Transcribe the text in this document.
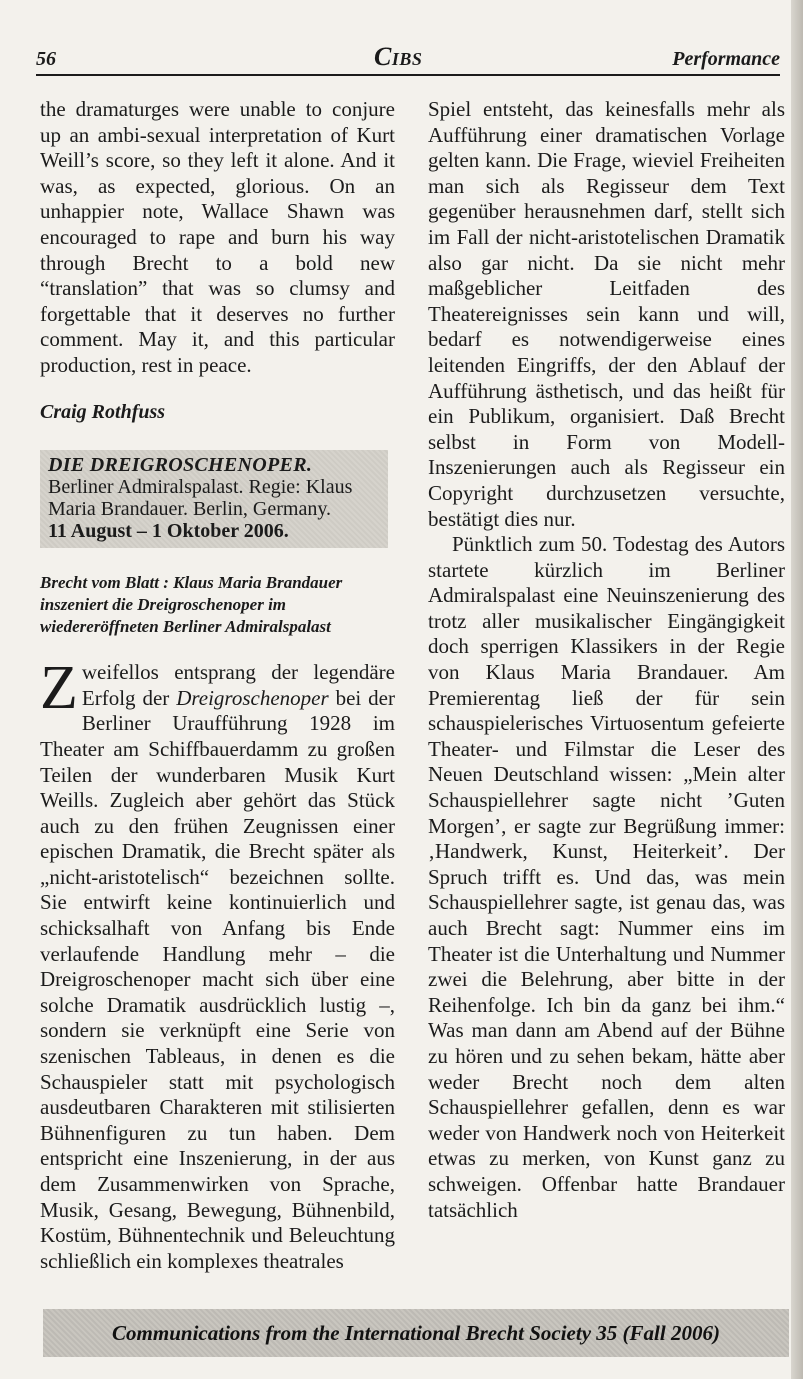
56	Cibs	Performance

the dramaturges were unable to conjure up an ambi-sexual interpretation of Kurt Weill’s score, so they left it alone. And it was, as expected, glorious. On an unhappier note, Wallace Shawn was encouraged to rape and burn his way through Brecht to a bold new “translation” that was so clumsy and forgettable that it deserves no further comment. May it, and this particular production, rest in peace.

Craig Rothfuss

DIE DREIGROSCHENOPER.
Berliner Admiralspalast. Regie: Klaus Maria Brandauer. Berlin, Germany.
11 August – 1 Oktober 2006.

Brecht vom Blatt : Klaus Maria Brandauer inszeniert die Dreigroschenoper im wiedereröffneten Berliner Admiralspalast

Zweifellos entsprang der legendäre Erfolg der Dreigroschenoper bei der Berliner Uraufführung 1928 im Theater am Schiffbauerdamm zu großen Teilen der wunderbaren Musik Kurt Weills. Zugleich aber gehört das Stück auch zu den frühen Zeugnissen einer epischen Dramatik, die Brecht später als „nicht-aristotelisch“ bezeichnen sollte. Sie entwirft keine kontinuierlich und schicksalhaft von Anfang bis Ende verlaufende Handlung mehr – die Dreigroschenoper macht sich über eine solche Dramatik ausdrücklich lustig –, sondern sie verknüpft eine Serie von szenischen Tableaus, in denen es die Schauspieler statt mit psychologisch ausdeutbaren Charakteren mit stilisierten Bühnenfiguren zu tun haben. Dem entspricht eine Inszenierung, in der aus dem Zusammenwirken von Sprache, Musik, Gesang, Bewegung, Bühnenbild, Kostüm, Bühnentechnik und Beleuchtung schließlich ein komplexes theatrales

Spiel entsteht, das keinesfalls mehr als Aufführung einer dramatischen Vorlage gelten kann. Die Frage, wieviel Freiheiten man sich als Regisseur dem Text gegenüber herausnehmen darf, stellt sich im Fall der nicht-aristotelischen Dramatik also gar nicht. Da sie nicht mehr maßgeblicher Leitfaden des Theatereignisses sein kann und will, bedarf es notwendigerweise eines leitenden Eingriffs, der den Ablauf der Aufführung ästhetisch, und das heißt für ein Publikum, organisiert. Daß Brecht selbst in Form von Modell-Inszenierungen auch als Regisseur ein Copyright durchzusetzen versuchte, bestätigt dies nur.

Pünktlich zum 50. Todestag des Autors startete kürzlich im Berliner Admiralspalast eine Neuinszenierung des trotz aller musikalischer Eingängigkeit doch sperrigen Klassikers in der Regie von Klaus Maria Brandauer. Am Premierentag ließ der für sein schauspielerisches Virtuosentum gefeierte Theater- und Filmstar die Leser des Neuen Deutschland wissen: „Mein alter Schauspiellehrer sagte nicht ’Guten Morgen’, er sagte zur Begrüßung immer: ‚Handwerk, Kunst, Heiterkeit’. Der Spruch trifft es. Und das, was mein Schauspiellehrer sagte, ist genau das, was auch Brecht sagt: Nummer eins im Theater ist die Unterhaltung und Nummer zwei die Belehrung, aber bitte in der Reihenfolge. Ich bin da ganz bei ihm.“ Was man dann am Abend auf der Bühne zu hören und zu sehen bekam, hätte aber weder Brecht noch dem alten Schauspiellehrer gefallen, denn es war weder von Handwerk noch von Heiterkeit etwas zu merken, von Kunst ganz zu schweigen. Offenbar hatte Brandauer tatsächlich

Communications from the International Brecht Society 35 (Fall 2006)
